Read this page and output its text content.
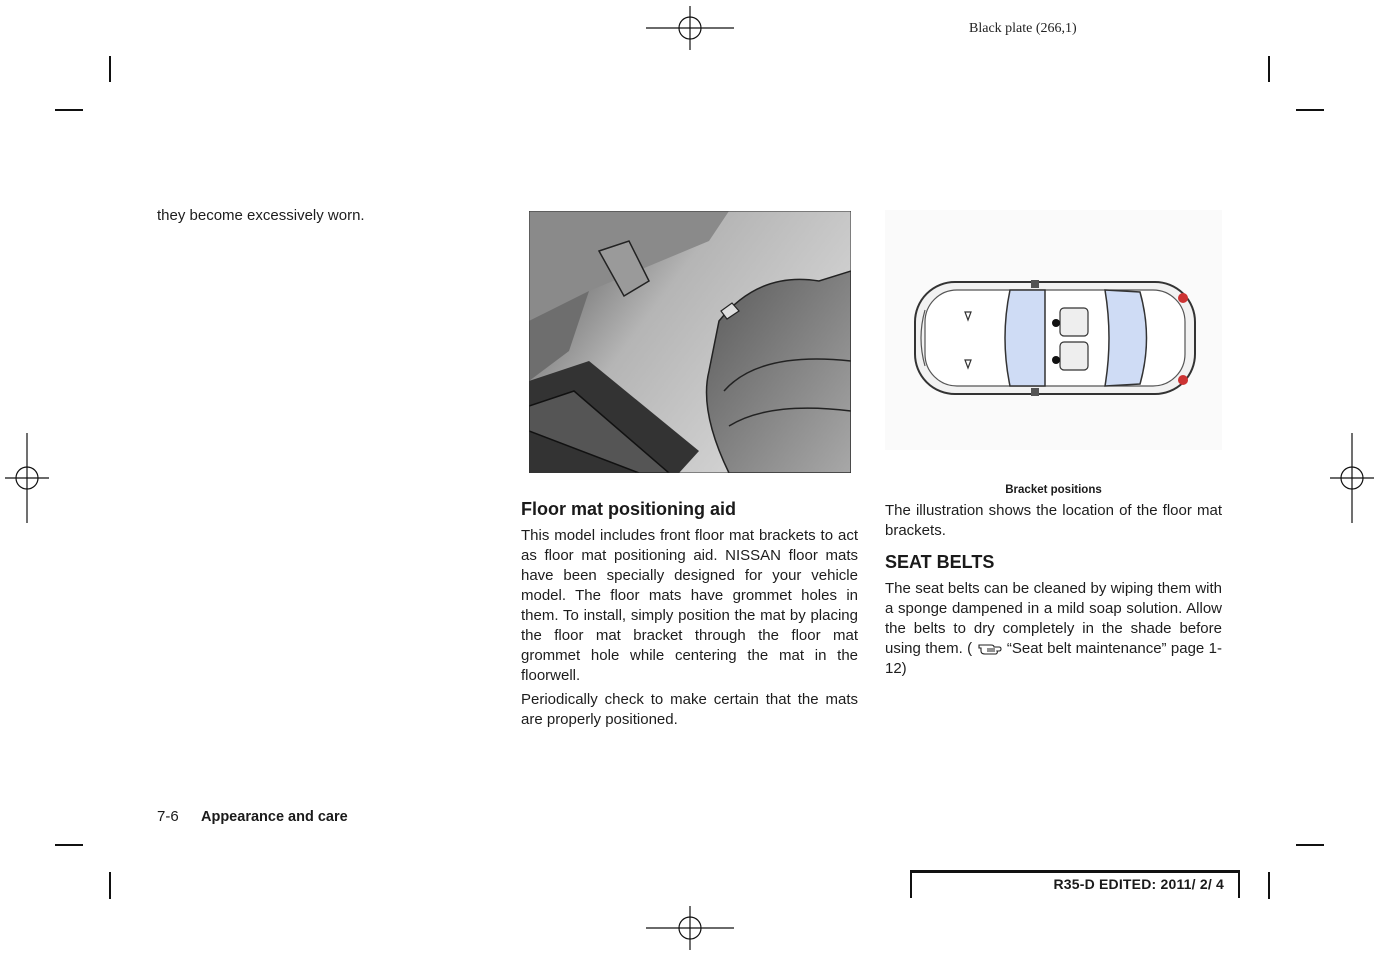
Black plate (266,1)
they become excessively worn.
Floor mat positioning aid

This model includes front floor mat brackets to act as floor mat positioning aid. NISSAN floor mats have been specially designed for your vehicle model. The floor mats have grommet holes in them. To install, simply position the mat by placing the floor mat bracket through the floor mat grommet hole while centering the mat in the floorwell.

Periodically check to make certain that the mats are properly positioned.

Bracket positions

The illustration shows the location of the floor mat brackets.

SEAT BELTS

The seat belts can be cleaned by wiping them with a sponge dampened in a mild soap solution. Allow the belts to dry completely in the shade before using them. ( “Seat belt maintenance” page 1-12)

7-6 Appearance and care
R35-D EDITED: 2011/ 2/ 4
